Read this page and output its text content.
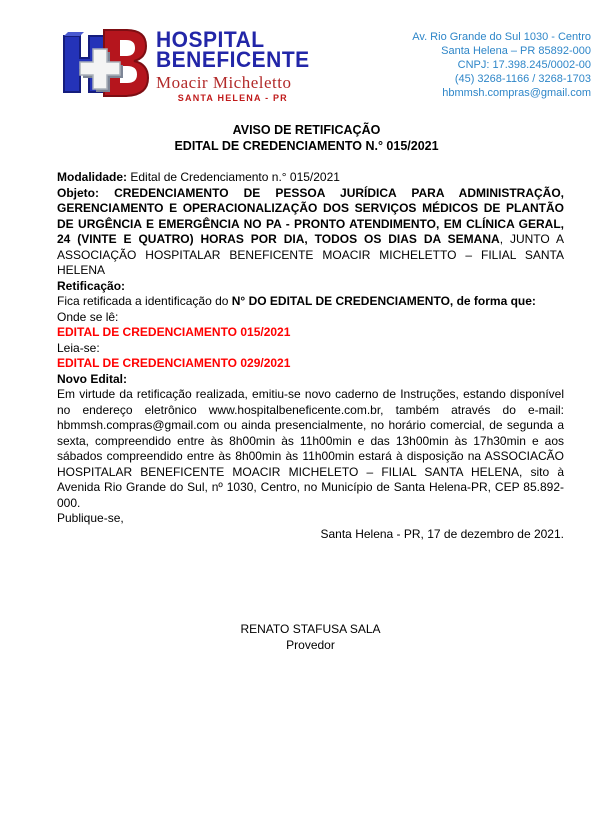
HOSPITAL
BENEFICENTE
Moacir Micheletto
SANTA HELENA - PR
Av. Rio Grande do Sul 1030 - Centro
Santa Helena – PR 85892-000
CNPJ: 17.398.245/0002-00
(45) 3268-1166 / 3268-1703
hbmmsh.compras@gmail.com
AVISO DE RETIFICAÇÃO
EDITAL DE CREDENCIAMENTO N.° 015/2021

Modalidade: Edital de Credenciamento n.° 015/2021

Objeto: CREDENCIAMENTO DE PESSOA JURÍDICA PARA ADMINISTRAÇÃO, GERENCIAMENTO E OPERACIONALIZAÇÃO DOS SERVIÇOS MÉDICOS DE PLANTÃO DE URGÊNCIA E EMERGÊNCIA NO PA - PRONTO ATENDIMENTO, EM CLÍNICA GERAL, 24 (VINTE E QUATRO) HORAS POR DIA, TODOS OS DIAS DA SEMANA, JUNTO A ASSOCIAÇÃO HOSPITALAR BENEFICENTE MOACIR MICHELETTO – FILIAL SANTA HELENA

Retificação:

Fica retificada a identificação do N° DO EDITAL DE CREDENCIAMENTO, de forma que:

Onde se lê:

EDITAL DE CREDENCIAMENTO 015/2021

Leia-se:

EDITAL DE CREDENCIAMENTO 029/2021

Novo Edital:

Em virtude da retificação realizada, emitiu-se novo caderno de Instruções, estando disponível no endereço eletrônico www.hospitalbeneficente.com.br, também através do e-mail: hbmmsh.compras@gmail.com ou ainda presencialmente, no horário comercial, de segunda a sexta, compreendido entre às 8h00min às 11h00min e das 13h00min às 17h30min e aos sábados compreendido entre às 8h00min às 11h00min estará à disposição na ASSOCIACÃO HOSPITALAR BENEFICENTE MOACIR MICHELETO – FILIAL SANTA HELENA, sito à Avenida Rio Grande do Sul, nº 1030, Centro, no Município de Santa Helena-PR, CEP 85.892-000.

Publique-se,

Santa Helena - PR, 17 de dezembro de 2021.

RENATO STAFUSA SALA
Provedor
